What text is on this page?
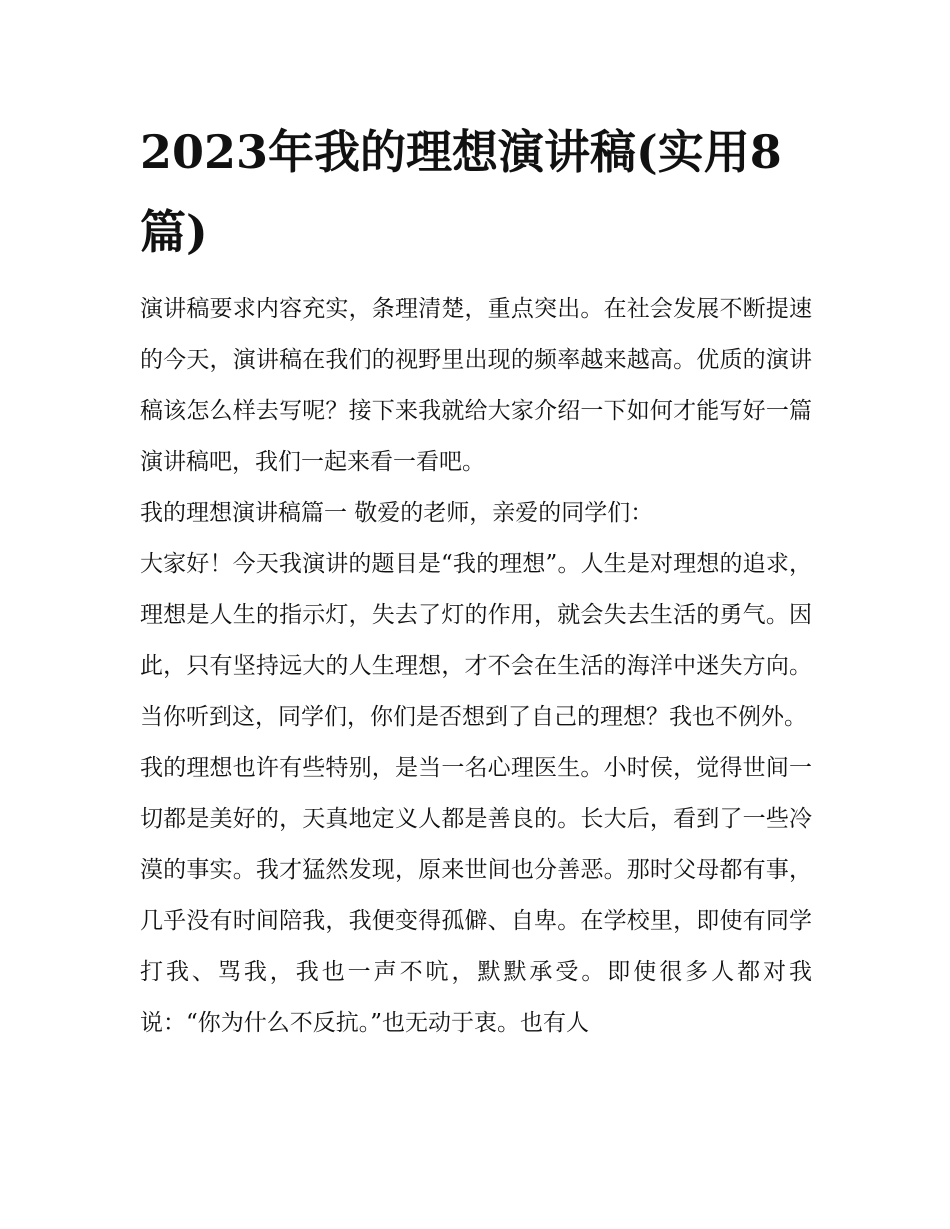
2023年我的理想演讲稿(实用8篇)

演讲稿要求内容充实，条理清楚，重点突出。在社会发展不断提速的今天，演讲稿在我们的视野里出现的频率越来越高。优质的演讲稿该怎么样去写呢？接下来我就给大家介绍一下如何才能写好一篇演讲稿吧，我们一起来看一看吧。

我的理想演讲稿篇一 敬爱的老师，亲爱的同学们：

大家好！今天我演讲的题目是“我的理想”。人生是对理想的追求，理想是人生的指示灯，失去了灯的作用，就会失去生活的勇气。因此，只有坚持远大的人生理想，才不会在生活的海洋中迷失方向。当你听到这，同学们，你们是否想到了自己的理想？我也不例外。

我的理想也许有些特别，是当一名心理医生。小时侯，觉得世间一切都是美好的，天真地定义人都是善良的。长大后，看到了一些冷漠的事实。我才猛然发现，原来世间也分善恶。那时父母都有事，几乎没有时间陪我，我便变得孤僻、自卑。在学校里，即使有同学打我、骂我，我也一声不吭，默默承受。即使很多人都对我说：“你为什么不反抗。”也无动于衷。也有人
